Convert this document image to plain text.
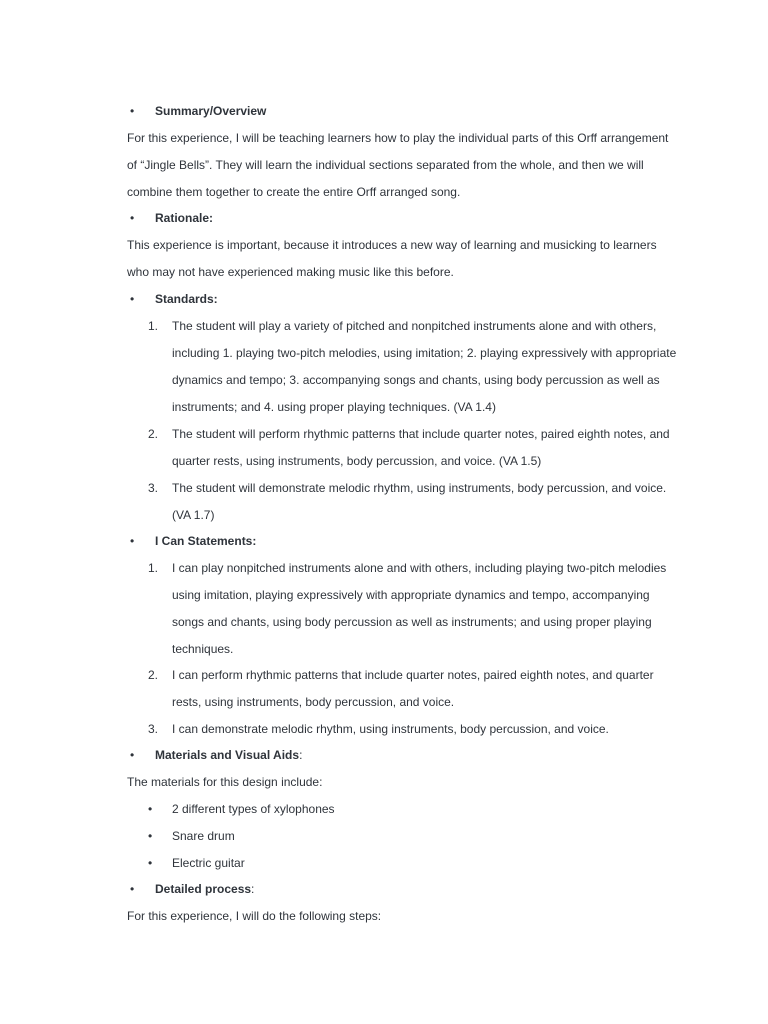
• Summary/Overview
For this experience, I will be teaching learners how to play the individual parts of this Orff arrangement
of “Jingle Bells”. They will learn the individual sections separated from the whole, and then we will
combine them together to create the entire Orff arranged song.
• Rationale:
This experience is important, because it introduces a new way of learning and musicking to learners
who may not have experienced making music like this before.
• Standards:
1. The student will play a variety of pitched and nonpitched instruments alone and with others,
including 1. playing two-pitch melodies, using imitation; 2. playing expressively with appropriate
dynamics and tempo; 3. accompanying songs and chants, using body percussion as well as
instruments; and 4. using proper playing techniques. (VA 1.4)
2. The student will perform rhythmic patterns that include quarter notes, paired eighth notes, and
quarter rests, using instruments, body percussion, and voice. (VA 1.5)
3. The student will demonstrate melodic rhythm, using instruments, body percussion, and voice.
(VA 1.7)
• I Can Statements:
1. I can play nonpitched instruments alone and with others, including playing two-pitch melodies
using imitation, playing expressively with appropriate dynamics and tempo, accompanying
songs and chants, using body percussion as well as instruments; and using proper playing
techniques.
2. I can perform rhythmic patterns that include quarter notes, paired eighth notes, and quarter
rests, using instruments, body percussion, and voice.
3. I can demonstrate melodic rhythm, using instruments, body percussion, and voice.
• Materials and Visual Aids:
The materials for this design include:
• 2 different types of xylophones
• Snare drum
• Electric guitar
• Detailed process:
For this experience, I will do the following steps:
